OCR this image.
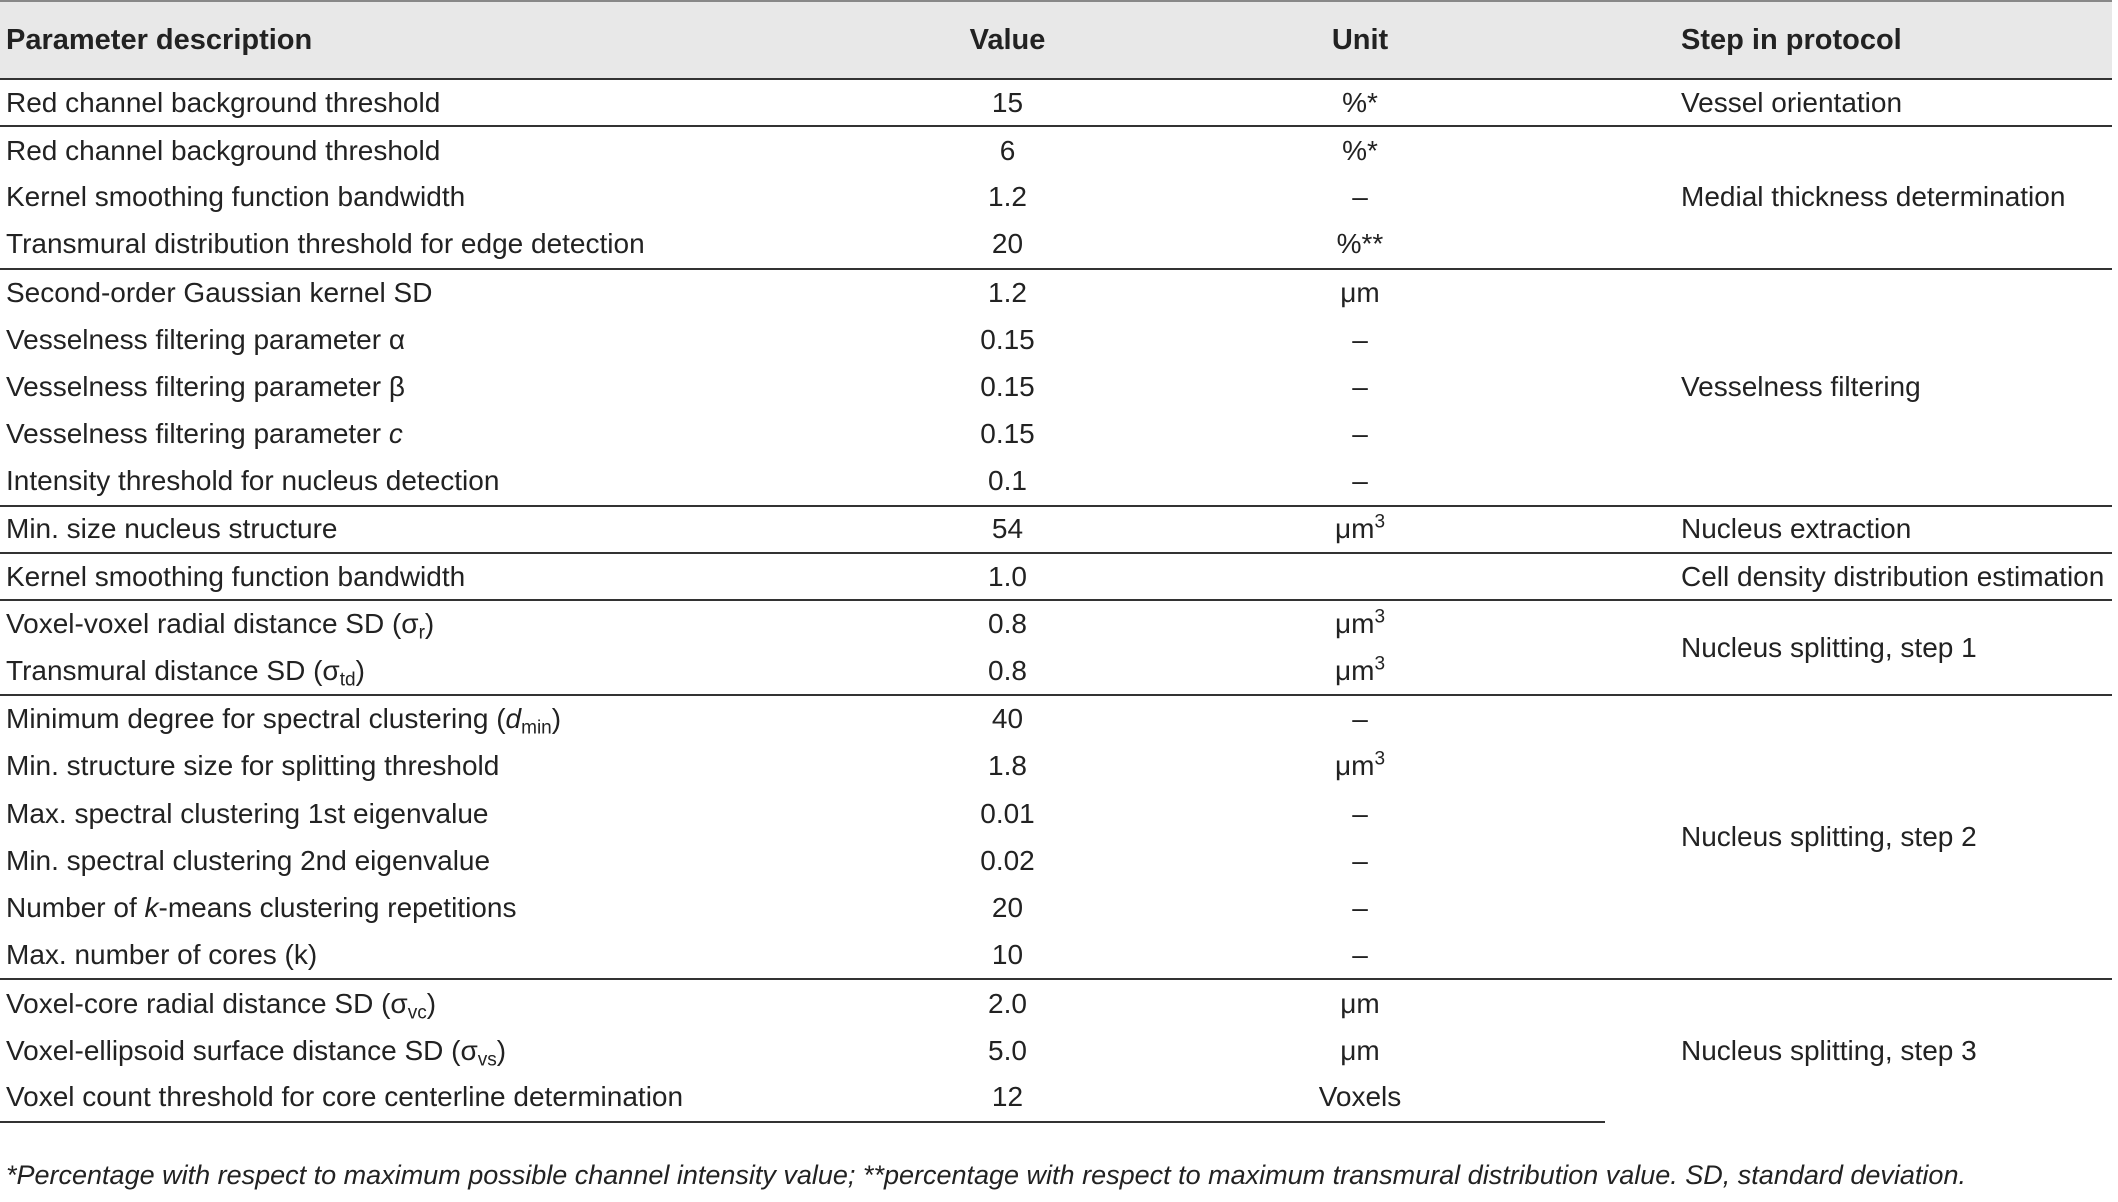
Parameter description	Value	Unit	Step in protocol
Red channel background threshold	15	%*	Vessel orientation
Red channel background threshold	6	%*	Medial thickness determination
Kernel smoothing function bandwidth	1.2	–	
Transmural distribution threshold for edge detection	20	%**	
Second-order Gaussian kernel SD	1.2	μm	Vesselness filtering
Vesselness filtering parameter α	0.15	–	
Vesselness filtering parameter β	0.15	–	
Vesselness filtering parameter c	0.15	–	
Intensity threshold for nucleus detection	0.1	–	
Min. size nucleus structure	54	$\mu m^3$	Nucleus extraction
Kernel smoothing function bandwidth	1.0		Cell density distribution estimation
Voxel-voxel radial distance SD $(\sigma_r)$	0.8	$\mu m^3$	Nucleus splitting, step 1
Transmural distance SD $(\sigma_{td})$	0.8	$\mu m^3$
Minimum degree for spectral clustering $(d_{min})$	40	–	Nucleus splitting, step 2
Min. structure size for splitting threshold	1.8	$\mu m^3$
Max. spectral clustering 1st eigenvalue	0.01	–	
Min. spectral clustering 2nd eigenvalue	0.02	–	
Number of k-means clustering repetitions	20	–	
Max. number of cores (k)	10	–	
Voxel-core radial distance SD $(\sigma_{vc})$	2.0	μm	Nucleus splitting, step 3
Voxel-ellipsoid surface distance SD $(\sigma_{vs})$	5.0	μm	
Voxel count threshold for core centerline determination	12	Voxels	
*Percentage with respect to maximum possible channel intensity value; **percentage with respect to maximum transmural distribution value. SD, standard deviation.
